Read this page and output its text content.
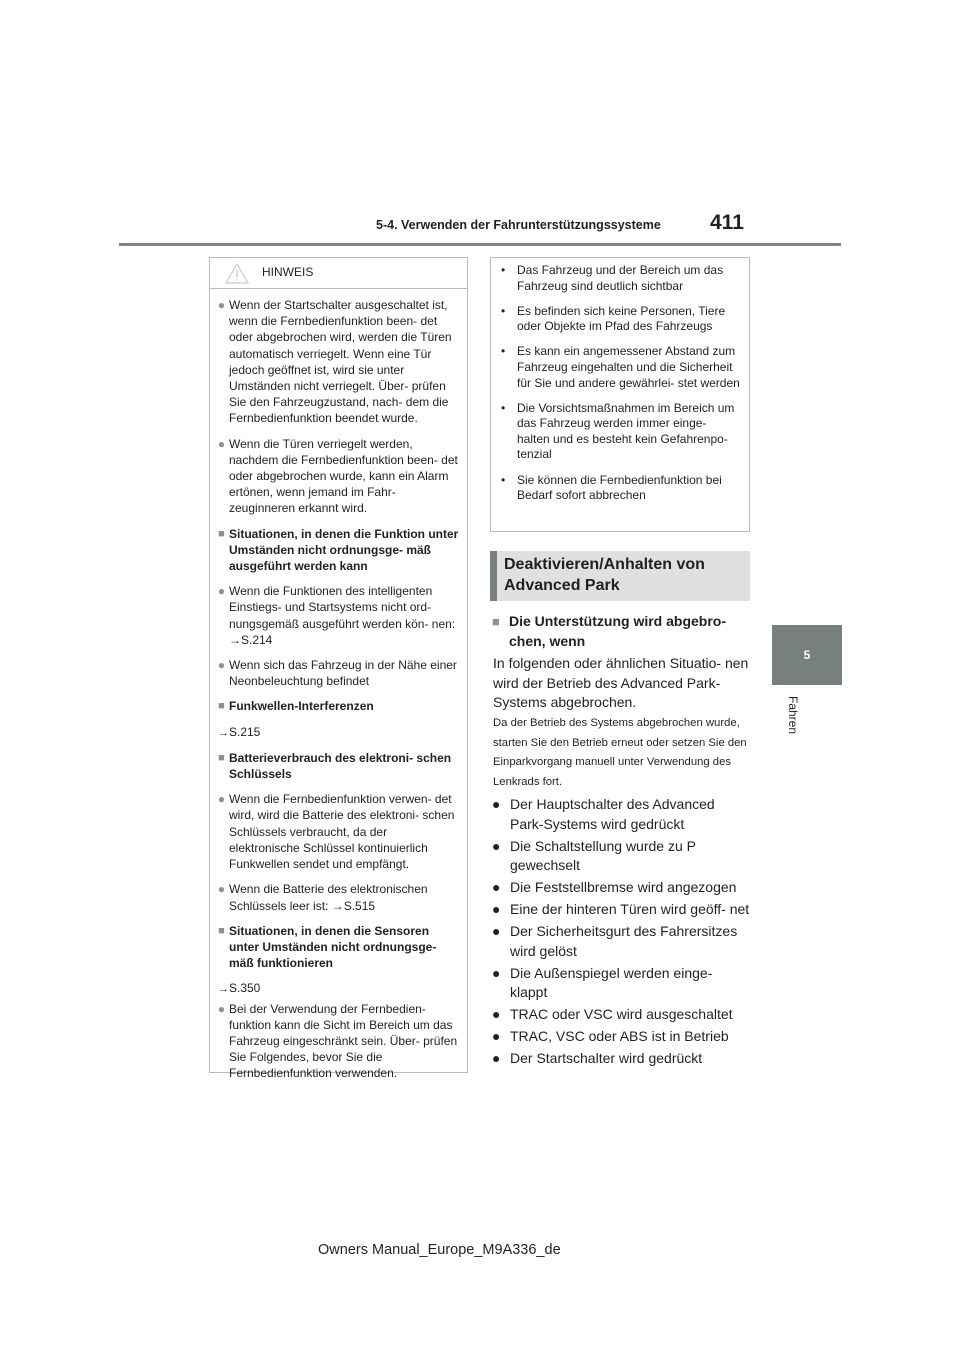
5-4. Verwenden der Fahrunterstützungssysteme 411
5
Fahren
HINWEIS
● Wenn der Startschalter ausgeschaltet ist, wenn die Fernbedienfunktion been- det oder abgebrochen wird, werden die Türen automatisch verriegelt. Wenn eine Tür jedoch geöffnet ist, wird sie unter Umständen nicht verriegelt. Über- prüfen Sie den Fahrzeugzustand, nach- dem die Fernbedienfunktion beendet wurde.
● Wenn die Türen verriegelt werden, nachdem die Fernbedienfunktion been- det oder abgebrochen wurde, kann ein Alarm ertönen, wenn jemand im Fahr- zeuginneren erkannt wird.
■ Situationen, in denen die Funktion unter Umständen nicht ordnungsge- mäß ausgeführt werden kann
● Wenn die Funktionen des intelligenten Einstiegs- und Startsystems nicht ord- nungsgemäß ausgeführt werden kön- nen: →S.214
● Wenn sich das Fahrzeug in der Nähe einer Neonbeleuchtung befindet
■ Funkwellen-Interferenzen
→S.215
■ Batterieverbrauch des elektroni- schen Schlüssels
● Wenn die Fernbedienfunktion verwen- det wird, wird die Batterie des elektroni- schen Schlüssels verbraucht, da der elektronische Schlüssel kontinuierlich Funkwellen sendet und empfängt.
● Wenn die Batterie des elektronischen Schlüssels leer ist: →S.515
■ Situationen, in denen die Sensoren unter Umständen nicht ordnungsge- mäß funktionieren
→S.350
● Bei der Verwendung der Fernbedien- funktion kann die Sicht im Bereich um das Fahrzeug eingeschränkt sein. Über- prüfen Sie Folgendes, bevor Sie die Fernbedienfunktion verwenden.
• Das Fahrzeug und der Bereich um das Fahrzeug sind deutlich sichtbar
• Es befinden sich keine Personen, Tiere oder Objekte im Pfad des Fahrzeugs
• Es kann ein angemessener Abstand zum Fahrzeug eingehalten und die Sicherheit für Sie und andere gewährlei- stet werden
• Die Vorsichtsmaßnahmen im Bereich um das Fahrzeug werden immer einge- halten und es besteht kein Gefahrenpo- tenzial
• Sie können die Fernbedienfunktion bei Bedarf sofort abbrechen
Deaktivieren/Anhalten von Advanced Park
■ Die Unterstützung wird abgebro- chen, wenn
In folgenden oder ähnlichen Situatio- nen wird der Betrieb des Advanced Park-Systems abgebrochen.
Da der Betrieb des Systems abgebrochen wurde, starten Sie den Betrieb erneut oder setzen Sie den Einparkvorgang manuell unter Verwendung des Lenkrads fort.
● Der Hauptschalter des Advanced Park-Systems wird gedrückt
● Die Schaltstellung wurde zu P gewechselt
● Die Feststellbremse wird angezogen
● Eine der hinteren Türen wird geöff- net
● Der Sicherheitsgurt des Fahrersitzes wird gelöst
● Die Außenspiegel werden einge- klappt
● TRAC oder VSC wird ausgeschaltet
● TRAC, VSC oder ABS ist in Betrieb
● Der Startschalter wird gedrückt
Owners Manual_Europe_M9A336_de
